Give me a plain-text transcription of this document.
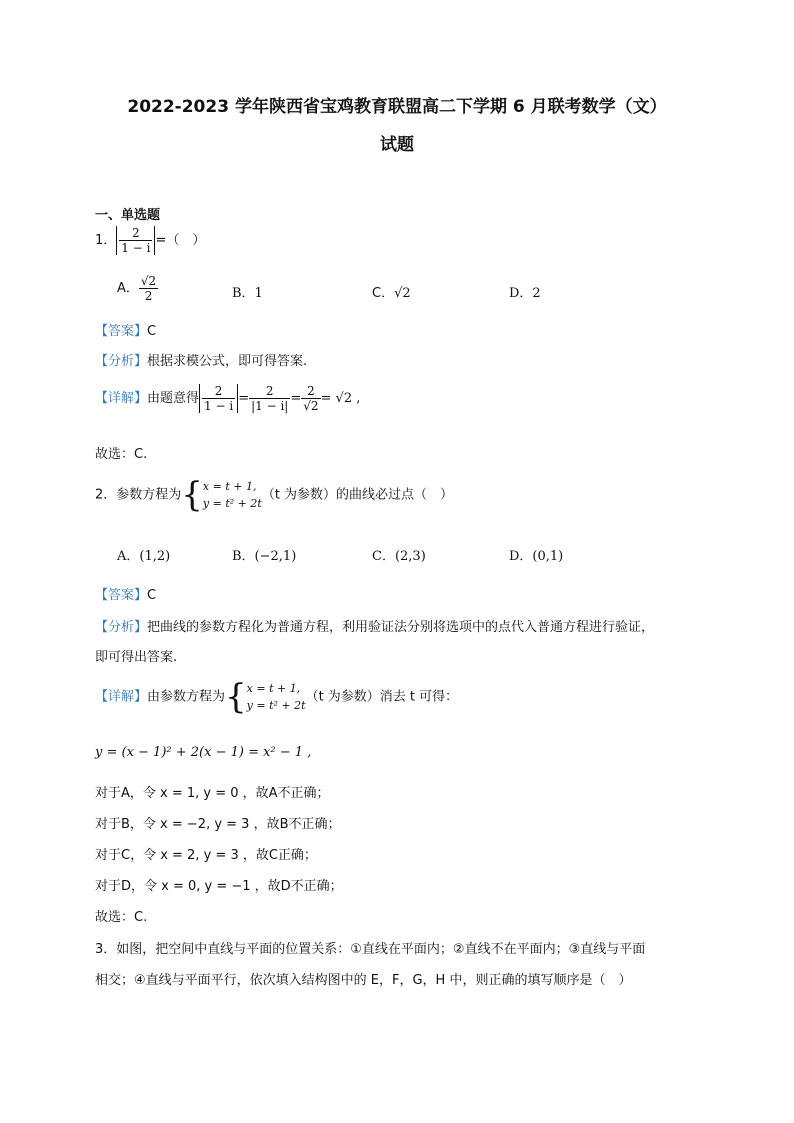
2022-2023 学年陕西省宝鸡教育联盟高二下学期 6 月联考数学（文）
试题
一、单选题
1． $\frac{2}{1 - i}$ =（　）
A． $\frac{√2}{2}$	B．1	C．√2	D．2
【答案】C
【分析】根据求模公式，即可得答案.
【详解】由题意得 $\frac{2}{1 - i} = \frac{2}{|1 - i|} = \frac{2}{√2} = √2$ ,
故选：C.
2．参数方程为{ x = t + 1,
y = t² + 2t
（t 为参数）的曲线必过点（　）
A．(1,2)	B．(−2,1)	C．(2,3)	D．(0,1)
【答案】C
【分析】把曲线的参数方程化为普通方程，利用验证法分别将选项中的点代入普通方程进行验证，
即可得出答案.
【详解】由参数方程为{ x = t + 1,
y = t² + 2t
（t 为参数）消去 t 可得：
y = (x − 1)² + 2(x − 1) = x² − 1 ,
对于A，令 x = 1, y = 0 ，故A不正确；
对于B，令 x = −2, y = 3 ，故B不正确；
对于C，令 x = 2, y = 3 ，故C正确；
对于D，令 x = 0, y = −1 ，故D不正确；
故选：C.
3．如图，把空间中直线与平面的位置关系：①直线在平面内；②直线不在平面内；③直线与平面
相交；④直线与平面平行，依次填入结构图中的 E，F，G，H 中，则正确的填写顺序是（　）
